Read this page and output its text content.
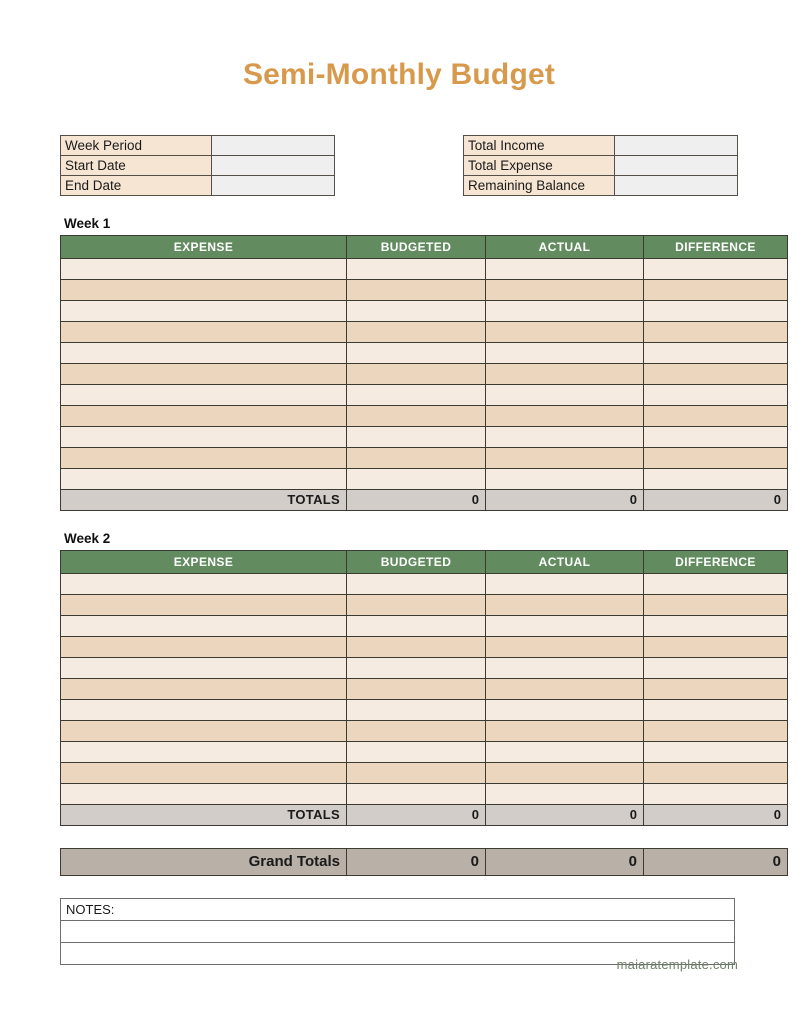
Semi-Monthly Budget
Week Period	
Start Date	
End Date	
Total Income	
Total Expense	
Remaining Balance	
Week 1
EXPENSE	BUDGETED	ACTUAL	DIFFERENCE

TOTALS	0	0	0
Week 2
EXPENSE	BUDGETED	ACTUAL	DIFFERENCE

TOTALS	0	0	0
Grand Totals	0	0	0
NOTES:

maiaratemplate.com
